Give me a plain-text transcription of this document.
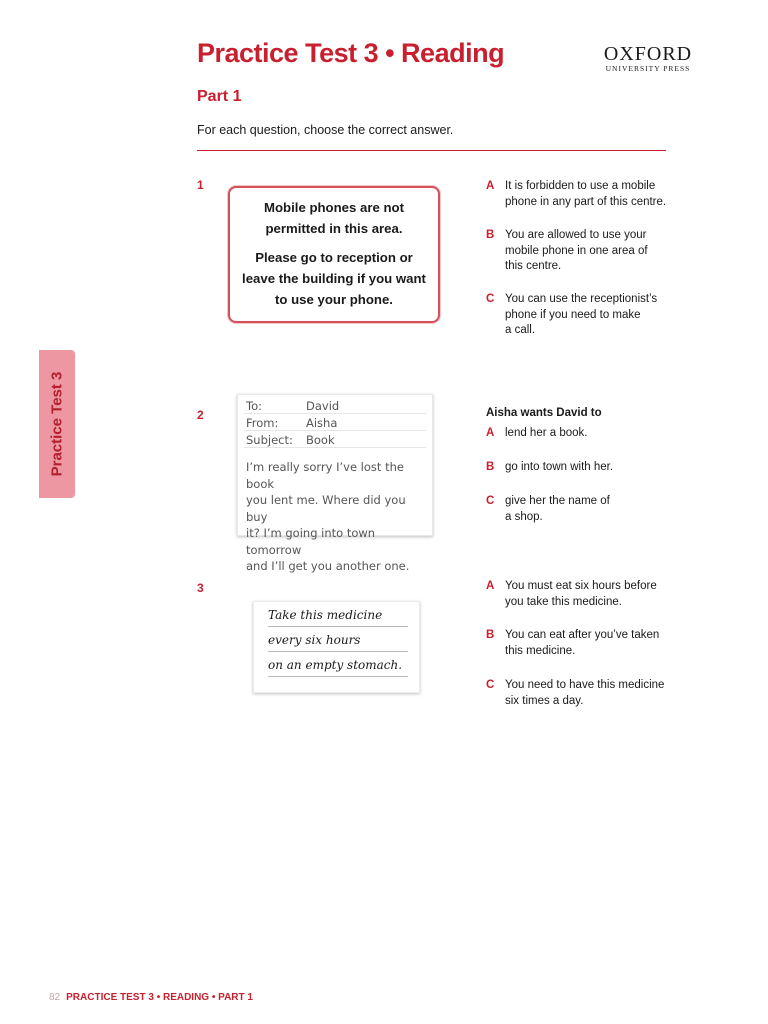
Practice Test 3 • Reading	OXFORD
UNIVERSITY PRESS
Part 1
For each question, choose the correct answer.
Practice Test 3
1
Mobile phones are not
permitted in this area.
Please go to reception or
leave the building if you want
to use your phone.
A It is forbidden to use a mobile
phone in any part of this centre.
B You are allowed to use your
mobile phone in one area of
this centre.
C You can use the receptionist’s
phone if you need to make
a call.
2
To:	David
From: Aisha
Subject: Book
I’m really sorry I’ve lost the book
you lent me. Where did you buy
it? I’m going into town tomorrow
and I’ll get you another one.
Aisha wants David to
A lend her a book.
B go into town with her.
C give her the name of
a shop.
3
Take this medicine
every six hours
on an empty stomach.
A You must eat six hours before
you take this medicine.
B You can eat after you’ve taken
this medicine.
C You need to have this medicine
six times a day.
82 PRACTICE TEST 3 • READING • PART 1
